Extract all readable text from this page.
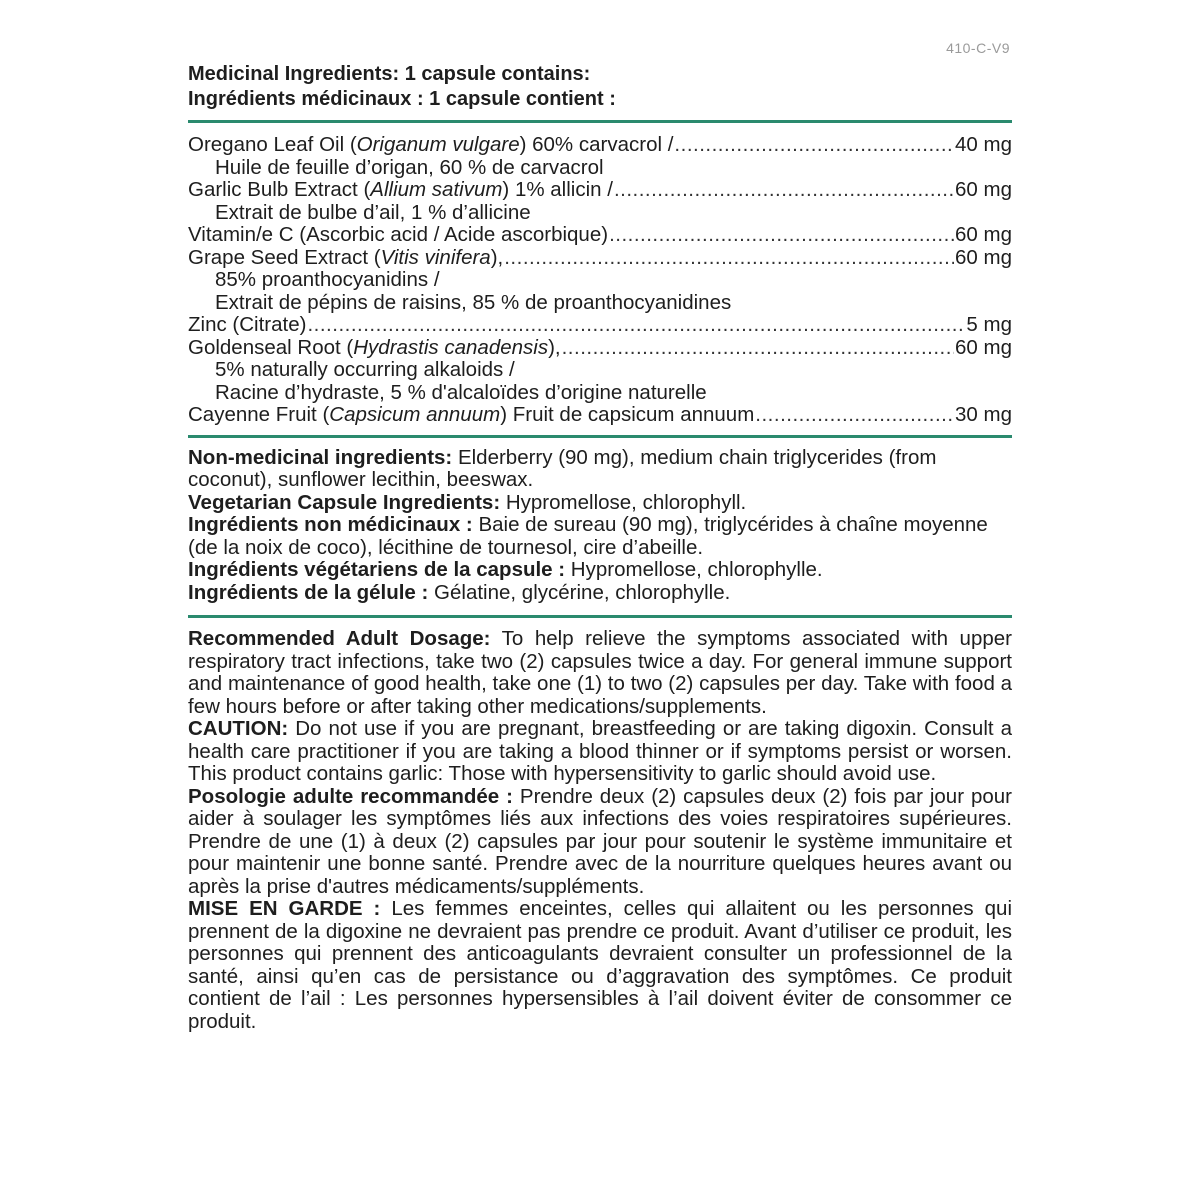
410-C-V9
Medicinal Ingredients: 1 capsule contains:
Ingrédients médicinaux : 1 capsule contient :
Oregano Leaf Oil (Origanum vulgare) 60% carvacrol / .....	40 mg
Huile de feuille d’origan, 60 % de carvacrol
Garlic Bulb Extract (Allium sativum) 1% allicin / .....	60 mg
Extrait de bulbe d’ail, 1 % d’allicine
Vitamin/e C (Ascorbic acid / Acide ascorbique) .....	60 mg
Grape Seed Extract (Vitis vinifera), .....	60 mg
85% proanthocyanidins /
Extrait de pépins de raisins, 85 % de proanthocyanidines
Zinc (Citrate) .....	5 mg
Goldenseal Root (Hydrastis canadensis), .....	60 mg
5% naturally occurring alkaloids /
Racine d’hydraste, 5 % d'alcaloïdes d’origine naturelle
Cayenne Fruit (Capsicum annuum) Fruit de capsicum annuum .....	30 mg
Non-medicinal ingredients: Elderberry (90 mg), medium chain triglycerides (from coconut), sunflower lecithin, beeswax.
Vegetarian Capsule Ingredients: Hypromellose, chlorophyll.
Ingrédients non médicinaux : Baie de sureau (90 mg), triglycérides à chaîne moyenne (de la noix de coco), lécithine de tournesol, cire d’abeille.
Ingrédients végétariens de la capsule : Hypromellose, chlorophylle.
Ingrédients de la gélule : Gélatine, glycérine, chlorophylle.

Recommended Adult Dosage: To help relieve the symptoms associated with upper respiratory tract infections, take two (2) capsules twice a day. For general immune support and maintenance of good health, take one (1) to two (2) capsules per day. Take with food a few hours before or after taking other medications/supplements.

CAUTION: Do not use if you are pregnant, breastfeeding or are taking digoxin. Consult a health care practitioner if you are taking a blood thinner or if symptoms persist or worsen. This product contains garlic: Those with hypersensitivity to garlic should avoid use.

Posologie adulte recommandée : Prendre deux (2) capsules deux (2) fois par jour pour aider à soulager les symptômes liés aux infections des voies respiratoires supérieures. Prendre de une (1) à deux (2) capsules par jour pour soutenir le système immunitaire et pour maintenir une bonne santé. Prendre avec de la nourriture quelques heures avant ou après la prise d'autres médicaments/suppléments.

MISE EN GARDE : Les femmes enceintes, celles qui allaitent ou les personnes qui prennent de la digoxine ne devraient pas prendre ce produit. Avant d’utiliser ce produit, les personnes qui prennent des anticoagulants devraient consulter un professionnel de la santé, ainsi qu’en cas de persistance ou d’aggravation des symptômes. Ce produit contient de l’ail : Les personnes hypersensibles à l’ail doivent éviter de consommer ce produit.
